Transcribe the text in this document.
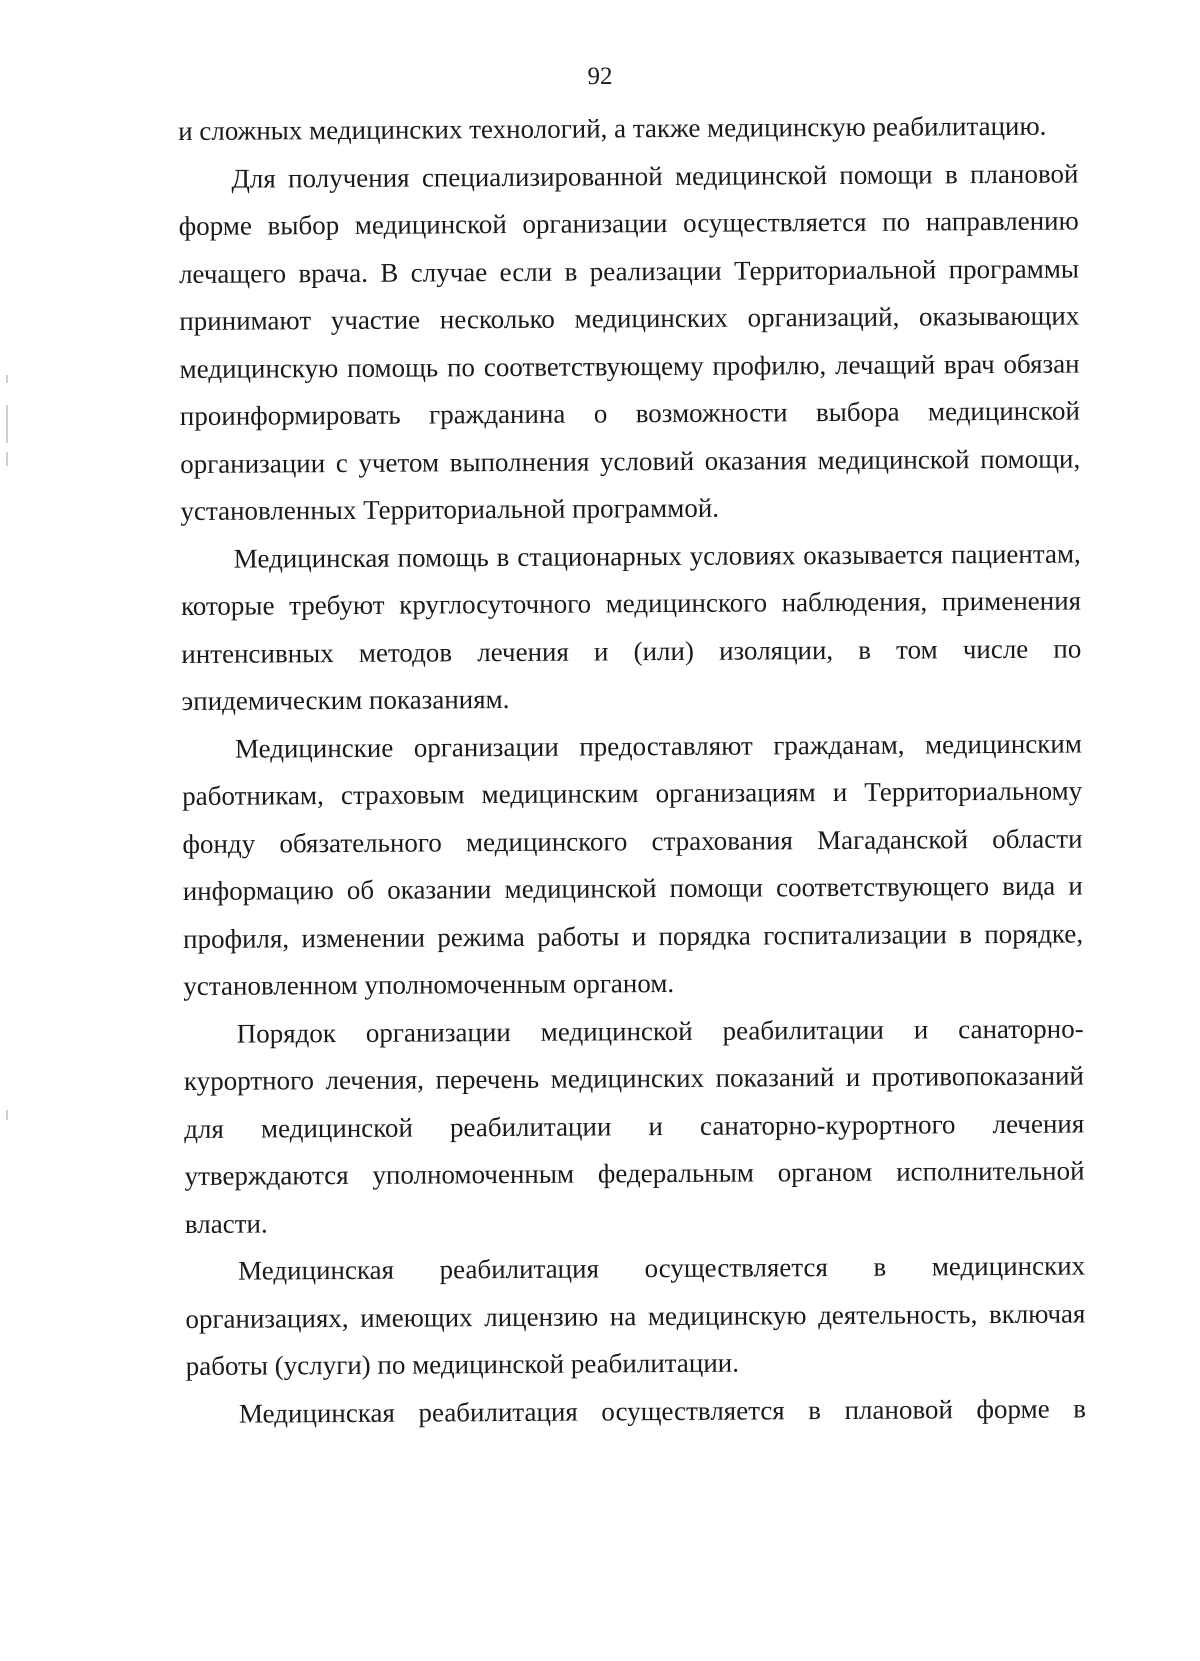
92

и сложных медицинских технологий, а также медицинскую реабилитацию.

Для получения специализированной медицинской помощи в плановой форме выбор медицинской организации осуществляется по направлению лечащего врача. В случае если в реализации Территориальной программы принимают участие несколько медицинских организаций, оказывающих медицинскую помощь по соответствующему профилю, лечащий врач обязан проинформировать гражданина о возможности выбора медицинской организации с учетом выполнения условий оказания медицинской помощи, установленных Территориальной программой.

Медицинская помощь в стационарных условиях оказывается пациентам, которые требуют круглосуточного медицинского наблюдения, применения интенсивных методов лечения и (или) изоляции, в том числе по эпидемическим показаниям.

Медицинские организации предоставляют гражданам, медицинским работникам, страховым медицинским организациям и Территориальному фонду обязательного медицинского страхования Магаданской области информацию об оказании медицинской помощи соответствующего вида и профиля, изменении режима работы и порядка госпитализации в порядке, установленном уполномоченным органом.

Порядок организации медицинской реабилитации и санаторно-курортного лечения, перечень медицинских показаний и противопоказаний для медицинской реабилитации и санаторно-курортного лечения утверждаются уполномоченным федеральным органом исполнительной власти.

Медицинская реабилитация осуществляется в медицинских организациях, имеющих лицензию на медицинскую деятельность, включая работы (услуги) по медицинской реабилитации.

Медицинская реабилитация осуществляется в плановой форме в
